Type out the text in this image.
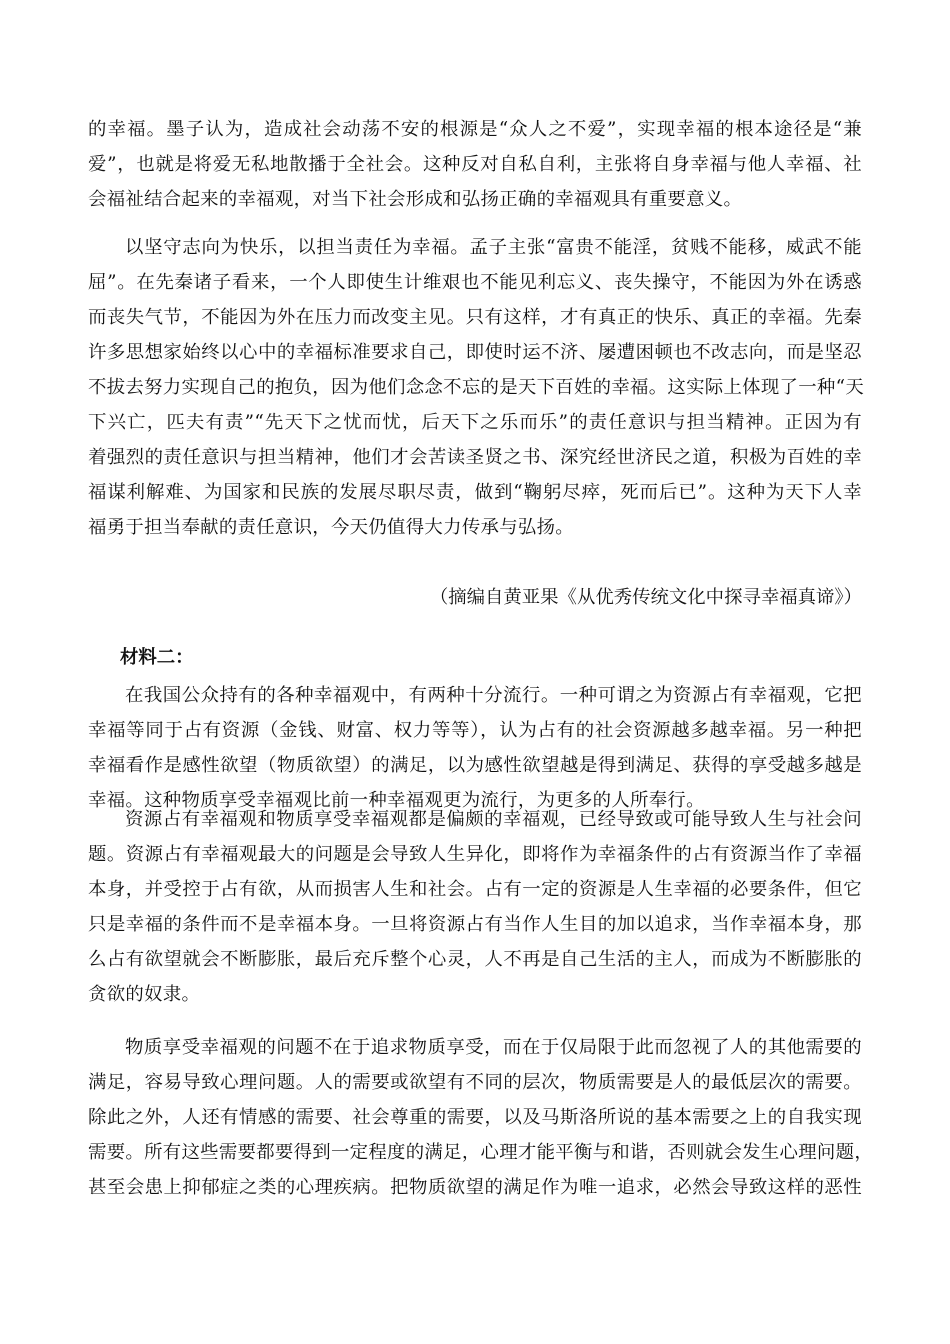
的幸福。墨子认为，造成社会动荡不安的根源是“众人之不爱”，实现幸福的根本途径是“兼
爱”，也就是将爱无私地散播于全社会。这种反对自私自利，主张将自身幸福与他人幸福、社
会福祉结合起来的幸福观，对当下社会形成和弘扬正确的幸福观具有重要意义。
以坚守志向为快乐，以担当责任为幸福。孟子主张“富贵不能淫，贫贱不能移，威武不能
屈”。在先秦诸子看来，一个人即使生计维艰也不能见利忘义、丧失操守，不能因为外在诱惑
而丧失气节，不能因为外在压力而改变主见。只有这样，才有真正的快乐、真正的幸福。先秦
许多思想家始终以心中的幸福标准要求自己，即使时运不济、屡遭困顿也不改志向，而是坚忍
不拔去努力实现自己的抱负，因为他们念念不忘的是天下百姓的幸福。这实际上体现了一种“天
下兴亡，匹夫有责”“先天下之忧而忧，后天下之乐而乐”的责任意识与担当精神。正因为有
着强烈的责任意识与担当精神，他们才会苦读圣贤之书、深究经世济民之道，积极为百姓的幸
福谋利解难、为国家和民族的发展尽职尽责，做到“鞠躬尽瘁，死而后已”。这种为天下人幸
福勇于担当奉献的责任意识，今天仍值得大力传承与弘扬。
（摘编自黄亚果《从优秀传统文化中探寻幸福真谛》）
材料二：
在我国公众持有的各种幸福观中，有两种十分流行。一种可谓之为资源占有幸福观，它把
幸福等同于占有资源（金钱、财富、权力等等），认为占有的社会资源越多越幸福。另一种把
幸福看作是感性欲望（物质欲望）的满足，以为感性欲望越是得到满足、获得的享受越多越是
幸福。这种物质享受幸福观比前一种幸福观更为流行，为更多的人所奉行。
资源占有幸福观和物质享受幸福观都是偏颇的幸福观，已经导致或可能导致人生与社会问
题。资源占有幸福观最大的问题是会导致人生异化，即将作为幸福条件的占有资源当作了幸福
本身，并受控于占有欲，从而损害人生和社会。占有一定的资源是人生幸福的必要条件，但它
只是幸福的条件而不是幸福本身。一旦将资源占有当作人生目的加以追求，当作幸福本身，那
么占有欲望就会不断膨胀，最后充斥整个心灵，人不再是自己生活的主人，而成为不断膨胀的
贪欲的奴隶。
物质享受幸福观的问题不在于追求物质享受，而在于仅局限于此而忽视了人的其他需要的
满足，容易导致心理问题。人的需要或欲望有不同的层次，物质需要是人的最低层次的需要。
除此之外，人还有情感的需要、社会尊重的需要，以及马斯洛所说的基本需要之上的自我实现
需要。所有这些需要都要得到一定程度的满足，心理才能平衡与和谐，否则就会发生心理问题，
甚至会患上抑郁症之类的心理疾病。把物质欲望的满足作为唯一追求，必然会导致这样的恶性
